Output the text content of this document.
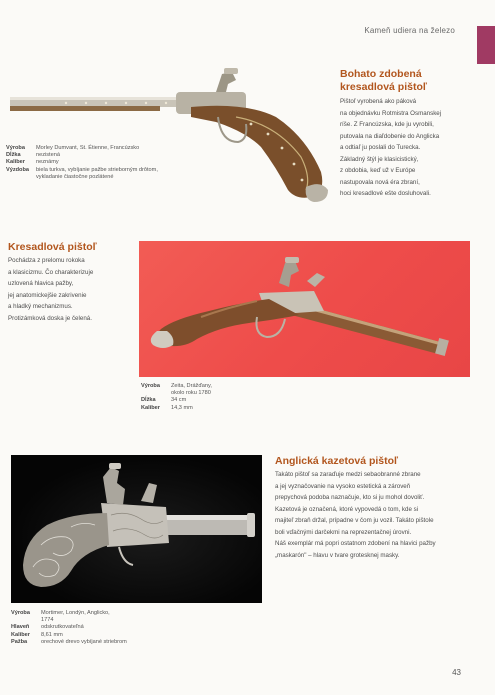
Kameň udierа na železo
Výroba	Morley Dumvant, St. Étienne, Francúzsko
Dĺžka	nezistená
Kaliber	neznámy
Výzdoba	biela turkva, vybíjanie pažbe strieborným drôtom,
vykladanie čiastočne pozlátené
Bohato zdobená
kresadlová pištoľ
Pištoľ vyrobená ako páková
na objednávku Rotmistra Osmanskej
ríše. Z Francúzska, kde ju vyrobili,
putovala na diaľdobenie do Anglicka
a odtiaľ ju poslali do Turecka.
Základný štýl je klasicistický,
z obdobia, keď už v Európe
nastupovala nová éra zbraní,
hoci kresadlové ešte dosluhovali.
Kresadlová pištoľ
Pochádza z prelomu rokoka
a klasicizmu. Čo charakterizuje
uzlovená hlavica pažby,
jej anatomickejšie zakrivenie
a hladký mechanizmus.
Protizámková doska je čelená.
Výroba	Zeita, Drážďany,
okolo roku 1780
Dĺžka	34 cm
Kaliber	14,3 mm
Anglická kazetová pištoľ
Takáto pištoľ sa zaraďuje medzi sebaobranné zbrane
a jej vyznačovanie na vysoko estetická a zároveň
prepychová podoba naznačuje, kto si ju mohol dovoliť.
Kazetová je označená, ktoré vypovedá o tom, kde si
majiteľ zbraň držal, prípadne v čom ju vozil. Takáto pištole
boli vďačnými darčekmi na reprezentačnej úrovni.
Náš exemplár má popri ostatnom zdobení na hlavici pažby
„maskarón" – hlavu v tvare grotesknej masky.
Výroba	Mortimer, Londýn, Anglicko,
1774
Hlaveň	odskrutkovateľná
Kaliber	8,61 mm
Pažba	orechové drevo vybíjané striebrom
43
